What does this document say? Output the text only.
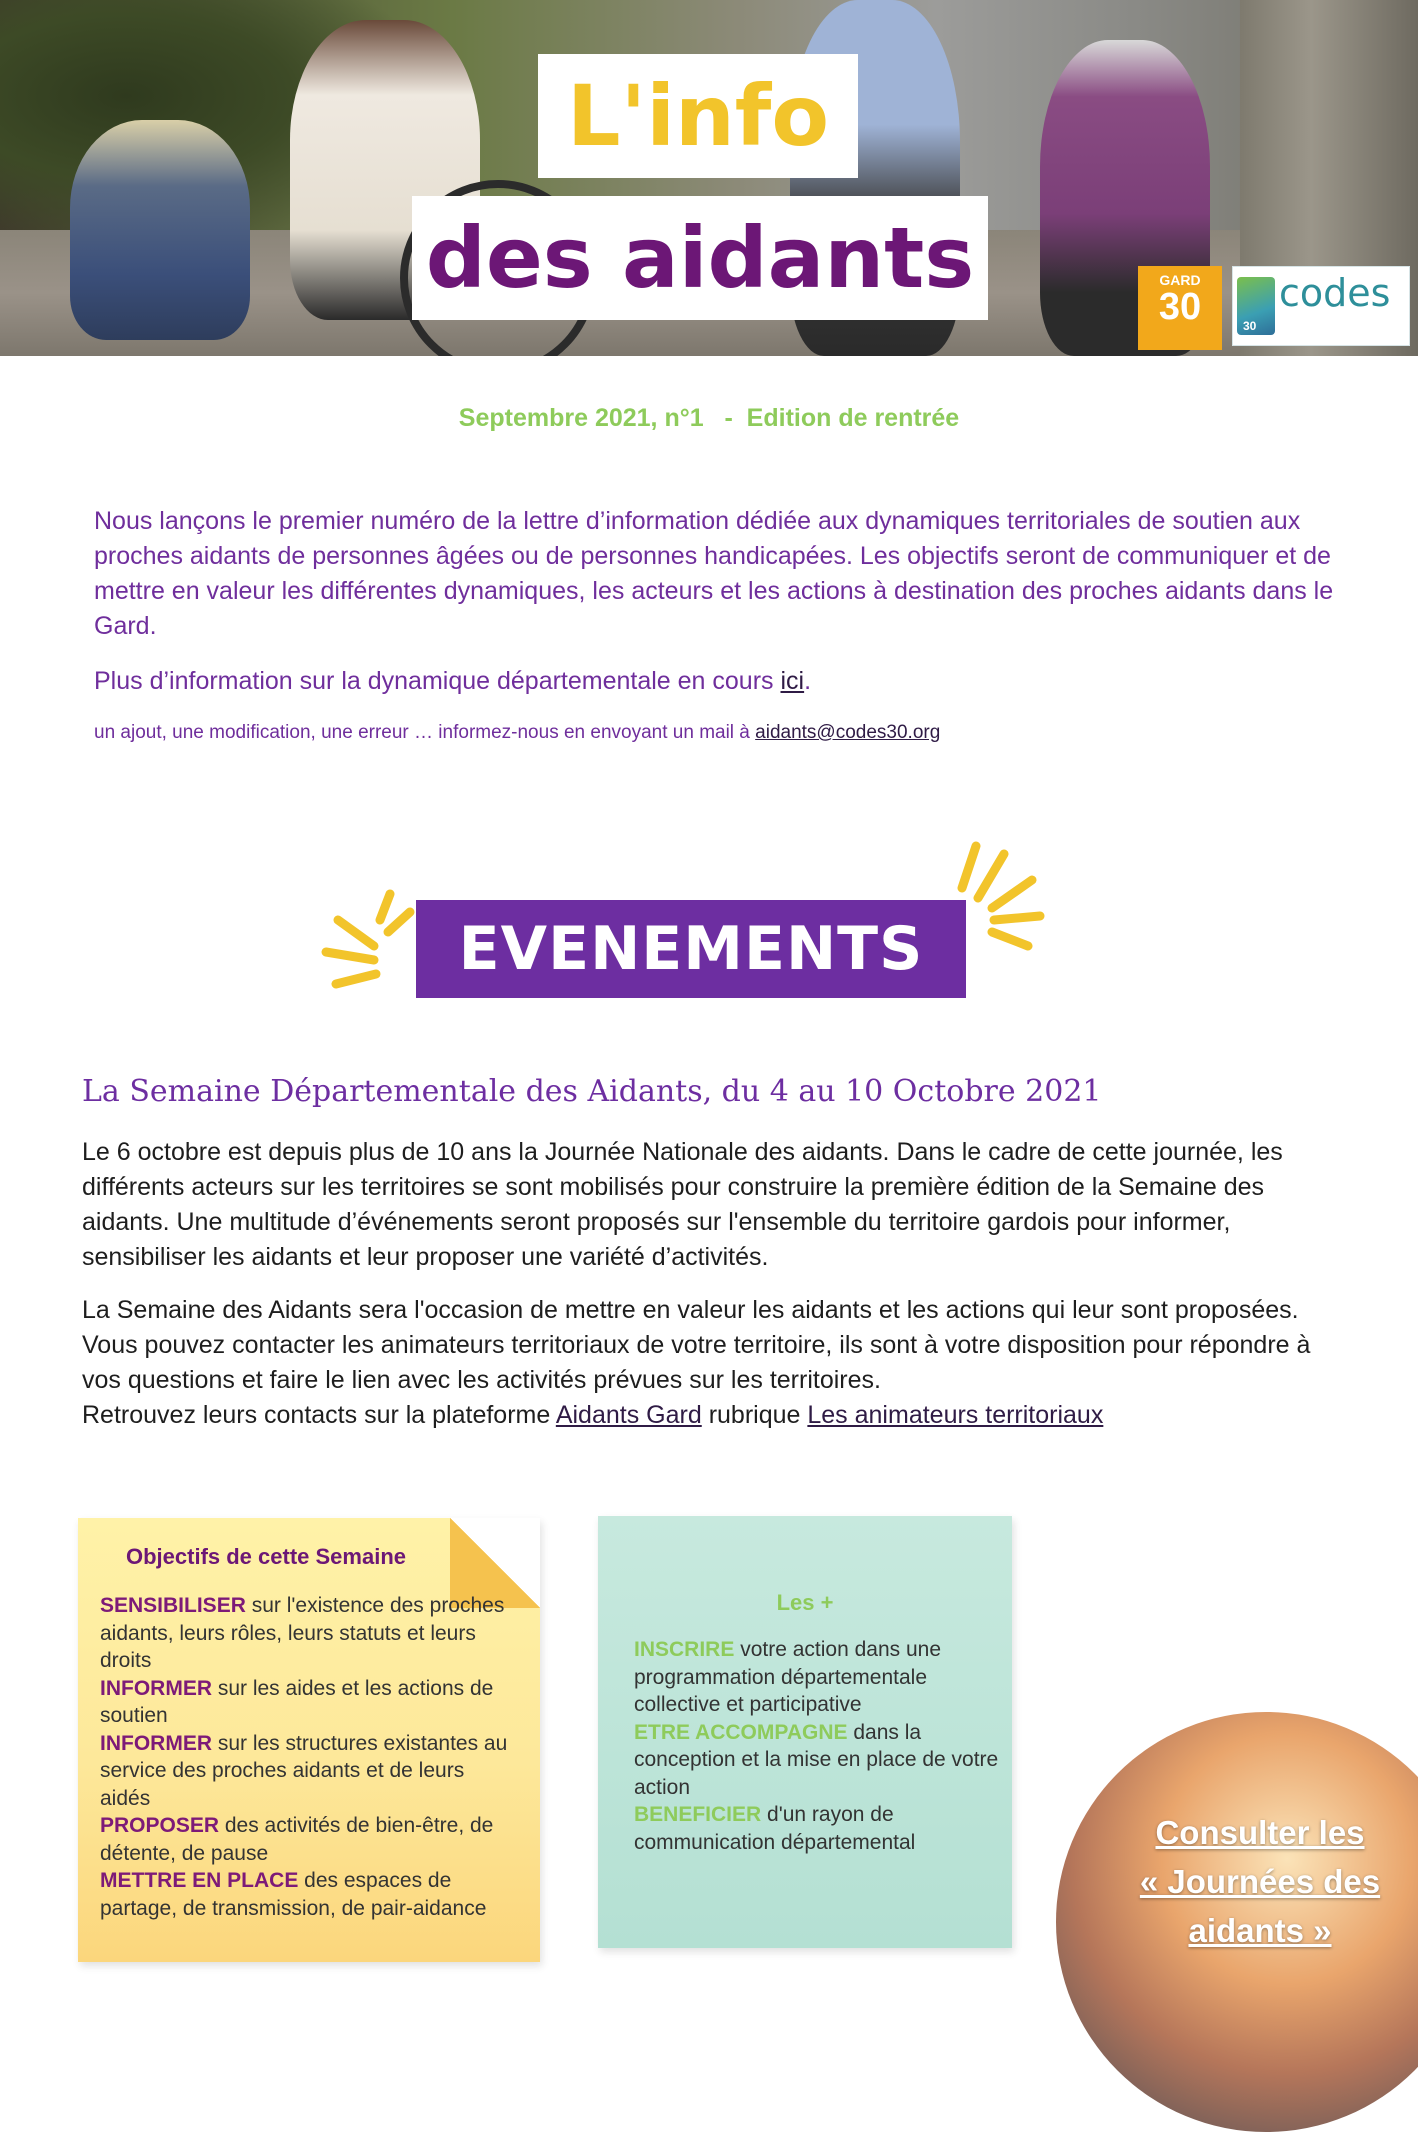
L'info
des aidants	GARD
30	30
codes
Septembre 2021, n°1   -  Edition de rentrée

Nous lançons le premier numéro de la lettre d’information dédiée aux dynamiques territoriales de soutien aux proches aidants de personnes âgées ou de personnes handicapées. Les objectifs seront de communiquer et de mettre en valeur les différentes dynamiques, les acteurs et les actions à destination des proches aidants dans le Gard.

Plus d’information sur la dynamique départementale en cours ici.
un ajout, une modification, une erreur … informez-nous en envoyant un mail à aidants@codes30.org
EVENEMENTS
La Semaine Départementale des Aidants, du 4 au 10 Octobre 2021

Le 6 octobre est depuis plus de 10 ans la Journée Nationale des aidants. Dans le cadre de cette journée, les différents acteurs sur les territoires se sont mobilisés pour construire la première édition de la Semaine des aidants. Une multitude d’événements seront proposés sur l'ensemble du territoire gardois pour informer, sensibiliser les aidants et leur proposer une variété d’activités.

La Semaine des Aidants sera l'occasion de mettre en valeur les aidants et les actions qui leur sont proposées. Vous pouvez contacter les animateurs territoriaux de votre territoire, ils sont à votre disposition pour répondre à vos questions et faire le lien avec les activités prévues sur les territoires.

Retrouvez leurs contacts sur la plateforme Aidants Gard rubrique Les animateurs territoriaux

Objectifs de cette Semaine

SENSIBILISER sur l'existence des proches aidants, leurs rôles, leurs statuts et leurs droits

INFORMER sur les aides et les actions de soutien

INFORMER sur les structures existantes au service des proches aidants et de leurs aidés

PROPOSER des activités de bien-être, de détente, de pause

METTRE EN PLACE des espaces de partage, de transmission, de pair-aidance

Les +

INSCRIRE votre action dans une programmation départementale collective et participative

ETRE ACCOMPAGNE dans la conception et la mise en place de votre action

BENEFICIER d'un rayon de communication départemental	Consulter les
« Journées des
aidants »
